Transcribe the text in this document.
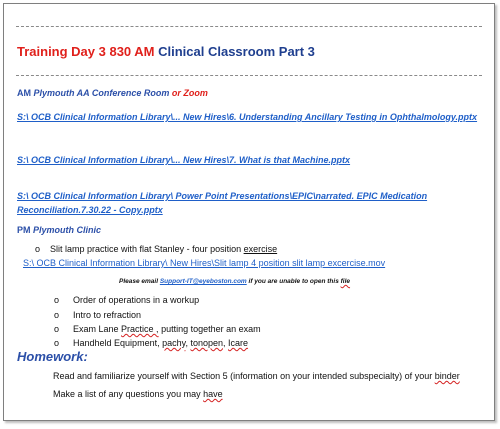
Training Day 3 830 AM Clinical Classroom Part 3
AM Plymouth AA Conference Room or Zoom
S:\ OCB Clinical Information Library\... New Hires\6. Understanding Ancillary Testing in Ophthalmology.pptx
S:\ OCB Clinical Information Library\... New Hires\7. What is that Machine.pptx
S:\ OCB Clinical Information Library\ Power Point Presentations\EPIC\narrated. EPIC Medication
Reconciliation.7.30.22 - Copy.pptx
PM Plymouth Clinic
o Slit lamp practice with flat Stanley - four position exercise
S:\ OCB Clinical Information Library\ New Hires\Slit lamp 4 position slit lamp excercise.mov
Please email Support-IT@eyeboston.com if you are unable to open this file
o Order of operations in a workup
o Intro to refraction
o Exam Lane Practice , putting together an exam
o Handheld Equipment, pachy, tonopen, Icare
Homework:
Read and familiarize yourself with Section 5 (information on your intended subspecialty) of your binder
Make a list of any questions you may have
